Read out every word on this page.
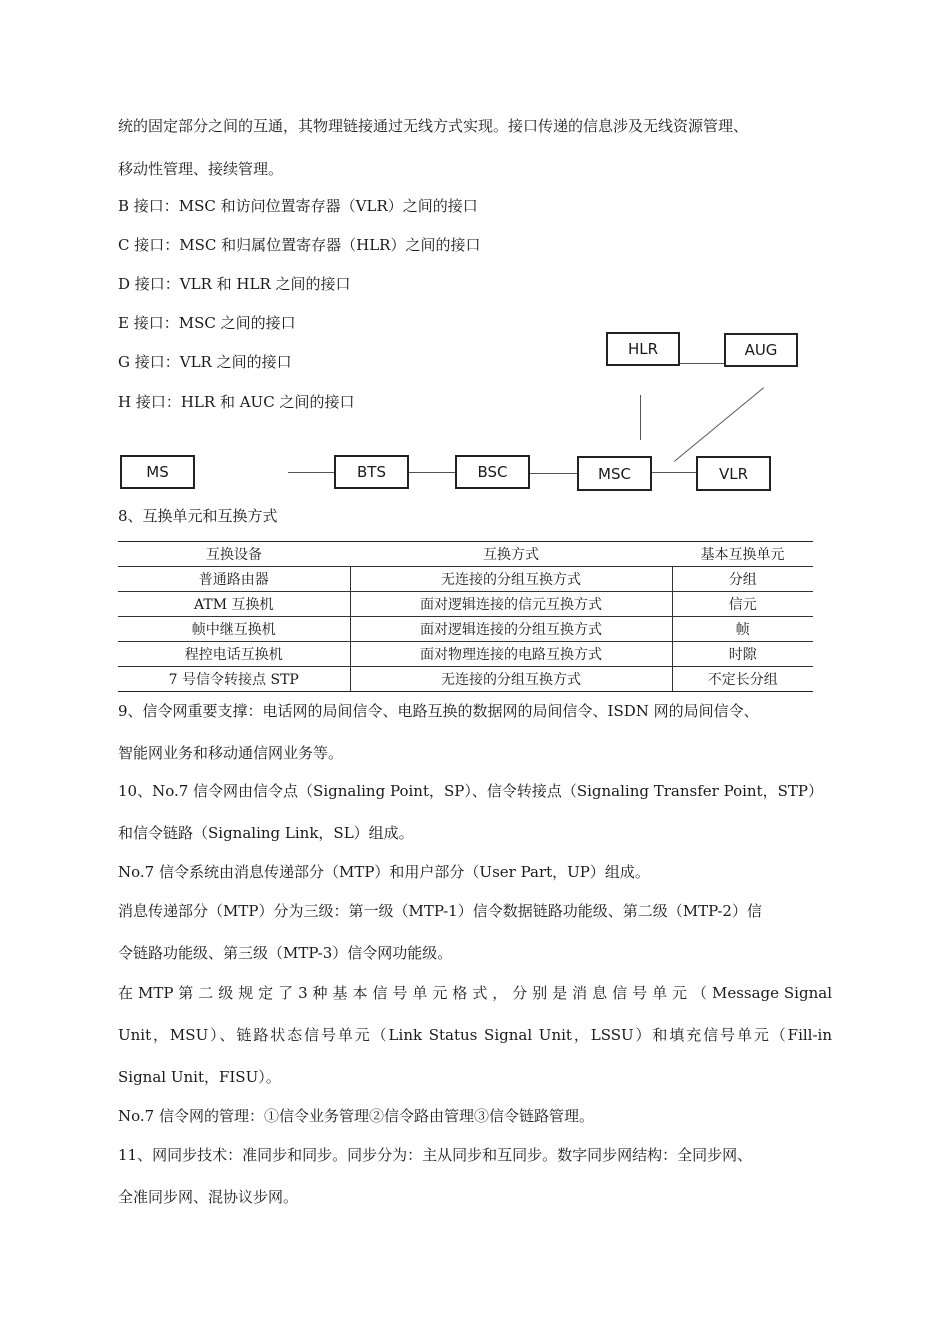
统的固定部分之间的互通，其物理链接通过无线方式实现。接口传递的信息涉及无线资源管理、
移动性管理、接续管理。
B 接口：MSC 和访问位置寄存器（VLR）之间的接口
C 接口：MSC 和归属位置寄存器（HLR）之间的接口
D 接口：VLR 和 HLR 之间的接口
E 接口：MSC 之间的接口
G 接口：VLR 之间的接口
H 接口：HLR 和 AUC 之间的接口
HLR	AUG
MS	BTS	BSC	MSC	VLR
8、互换单元和互换方式
互换设备	互换方式	基本互换单元
普通路由器	无连接的分组互换方式	分组
ATM 互换机	面对逻辑连接的信元互换方式	信元
帧中继互换机	面对逻辑连接的分组互换方式	帧
程控电话互换机	面对物理连接的电路互换方式	时隙
7 号信令转接点 STP	无连接的分组互换方式	不定长分组
9、信令网重要支撑：电话网的局间信令、电路互换的数据网的局间信令、ISDN 网的局间信令、
智能网业务和移动通信网业务等。
10、No.7 信令网由信令点（Signaling Point，SP）、信令转接点（Signaling Transfer Point，STP）
和信令链路（Signaling Link，SL）组成。
No.7 信令系统由消息传递部分（MTP）和用户部分（User Part，UP）组成。
消息传递部分（MTP）分为三级：第一级（MTP-1）信令数据链路功能级、第二级（MTP-2）信
令链路功能级、第三级（MTP-3）信令网功能级。
在 MTP 第 二 级 规 定 了 3 种 基 本 信 号 单 元 格 式 ， 分 别 是 消 息 信 号 单 元 （ Message Signal
Unit，MSU）、链路状态信号单元（Link Status Signal Unit，LSSU）和填充信号单元（Fill-in
Signal Unit，FISU）。
No.7 信令网的管理：①信令业务管理②信令路由管理③信令链路管理。
11、网同步技术：准同步和同步。同步分为：主从同步和互同步。数字同步网结构：全同步网、
全准同步网、混协议步网。
